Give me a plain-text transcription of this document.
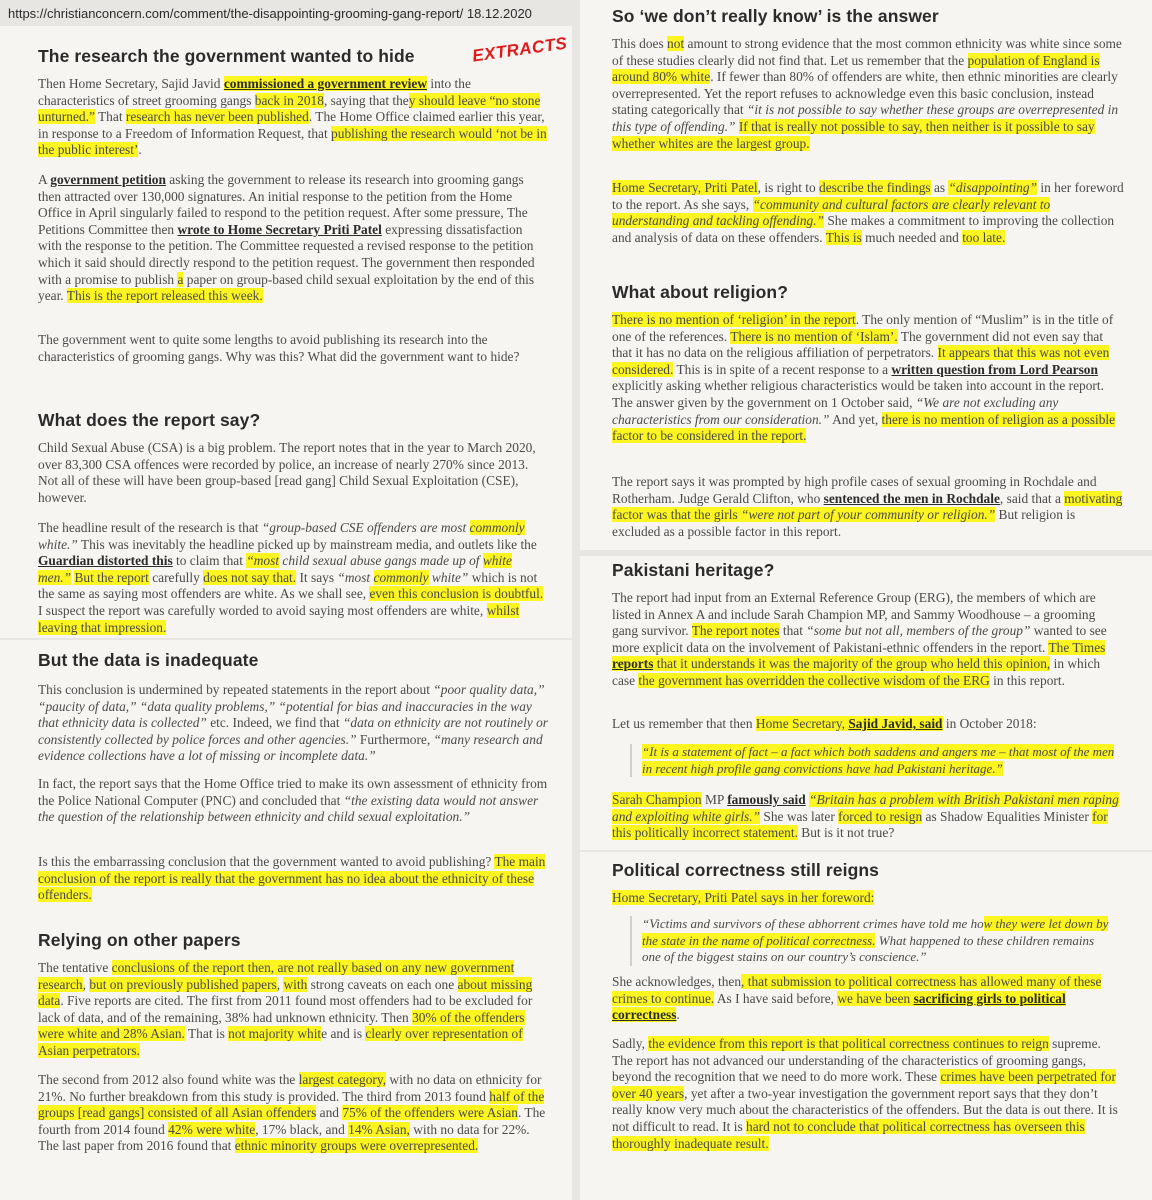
https://christianconcern.com/comment/the-disappointing-grooming-gang-report/ 18.12.2020
The research the government wanted to hide	EXTRACTS
Then Home Secretary, Sajid Javid commissioned a government review into the characteristics of street grooming gangs back in 2018, saying that they should leave “no stone unturned.” That research has never been published. The Home Office claimed earlier this year, in response to a Freedom of Information Request, that publishing the research would ‘not be in the public interest’.
A government petition asking the government to release its research into grooming gangs then attracted over 130,000 signatures. An initial response to the petition from the Home Office in April singularly failed to respond to the petition request. After some pressure, The Petitions Committee then wrote to Home Secretary Priti Patel expressing dissatisfaction with the response to the petition. The Committee requested a revised response to the petition which it said should directly respond to the petition request. The government then responded with a promise to publish a paper on group-based child sexual exploitation by the end of this year. This is the report released this week.
The government went to quite some lengths to avoid publishing its research into the characteristics of grooming gangs. Why was this? What did the government want to hide?
What does the report say?
Child Sexual Abuse (CSA) is a big problem. The report notes that in the year to March 2020, over 83,300 CSA offences were recorded by police, an increase of nearly 270% since 2013. Not all of these will have been group-based [read gang] Child Sexual Exploitation (CSE), however.
The headline result of the research is that “group-based CSE offenders are most commonly white.” This was inevitably the headline picked up by mainstream media, and outlets like the Guardian distorted this to claim that “most child sexual abuse gangs made up of white men.” But the report carefully does not say that. It says “most commonly white” which is not the same as saying most offenders are white. As we shall see, even this conclusion is doubtful. I suspect the report was carefully worded to avoid saying most offenders are white, whilst leaving that impression.
But the data is inadequate
This conclusion is undermined by repeated statements in the report about “poor quality data,” “paucity of data,” “data quality problems,” “potential for bias and inaccuracies in the way that ethnicity data is collected” etc. Indeed, we find that “data on ethnicity are not routinely or consistently collected by police forces and other agencies.” Furthermore, “many research and evidence collections have a lot of missing or incomplete data.”
In fact, the report says that the Home Office tried to make its own assessment of ethnicity from the Police National Computer (PNC) and concluded that “the existing data would not answer the question of the relationship between ethnicity and child sexual exploitation.”
Is this the embarrassing conclusion that the government wanted to avoid publishing? The main conclusion of the report is really that the government has no idea about the ethnicity of these offenders.
Relying on other papers
The tentative conclusions of the report then, are not really based on any new government research, but on previously published papers, with strong caveats on each one about missing data. Five reports are cited. The first from 2011 found most offenders had to be excluded for lack of data, and of the remaining, 38% had unknown ethnicity. Then 30% of the offenders were white and 28% Asian. That is not majority white and is clearly over representation of Asian perpetrators.
The second from 2012 also found white was the largest category, with no data on ethnicity for 21%. No further breakdown from this study is provided. The third from 2013 found half of the groups [read gangs] consisted of all Asian offenders and 75% of the offenders were Asian. The fourth from 2014 found 42% were white, 17% black, and 14% Asian, with no data for 22%. The last paper from 2016 found that ethnic minority groups were overrepresented.
So ‘we don’t really know’ is the answer
This does not amount to strong evidence that the most common ethnicity was white since some of these studies clearly did not find that. Let us remember that the population of England is around 80% white. If fewer than 80% of offenders are white, then ethnic minorities are clearly overrepresented. Yet the report refuses to acknowledge even this basic conclusion, instead stating categorically that “it is not possible to say whether these groups are overrepresented in this type of offending.” If that is really not possible to say, then neither is it possible to say whether whites are the largest group.
Home Secretary, Priti Patel, is right to describe the findings as “disappointing” in her foreword to the report. As she says, “community and cultural factors are clearly relevant to understanding and tackling offending.” She makes a commitment to improving the collection and analysis of data on these offenders. This is much needed and too late.
What about religion?
There is no mention of ‘religion’ in the report. The only mention of “Muslim” is in the title of one of the references. There is no mention of ‘Islam’. The government did not even say that that it has no data on the religious affiliation of perpetrators. It appears that this was not even considered. This is in spite of a recent response to a written question from Lord Pearson explicitly asking whether religious characteristics would be taken into account in the report. The answer given by the government on 1 October said, “We are not excluding any characteristics from our consideration.” And yet, there is no mention of religion as a possible factor to be considered in the report.
The report says it was prompted by high profile cases of sexual grooming in Rochdale and Rotherham. Judge Gerald Clifton, who sentenced the men in Rochdale, said that a motivating factor was that the girls “were not part of your community or religion.” But religion is excluded as a possible factor in this report.
Pakistani heritage?
The report had input from an External Reference Group (ERG), the members of which are listed in Annex A and include Sarah Champion MP, and Sammy Woodhouse – a grooming gang survivor. The report notes that “some but not all, members of the group” wanted to see more explicit data on the involvement of Pakistani-ethnic offenders in the report. The Times reports that it understands it was the majority of the group who held this opinion, in which case the government has overridden the collective wisdom of the ERG in this report.
Let us remember that then Home Secretary, Sajid Javid, said in October 2018:
“It is a statement of fact – a fact which both saddens and angers me – that most of the men in recent high profile gang convictions have had Pakistani heritage.”
Sarah Champion MP famously said “Britain has a problem with British Pakistani men raping and exploiting white girls.” She was later forced to resign as Shadow Equalities Minister for this politically incorrect statement. But is it not true?
Political correctness still reigns
Home Secretary, Priti Patel says in her foreword:
“Victims and survivors of these abhorrent crimes have told me how they were let down by the state in the name of political correctness. What happened to these children remains one of the biggest stains on our country’s conscience.”
She acknowledges, then, that submission to political correctness has allowed many of these crimes to continue. As I have said before, we have been sacrificing girls to political correctness.
Sadly, the evidence from this report is that political correctness continues to reign supreme. The report has not advanced our understanding of the characteristics of grooming gangs, beyond the recognition that we need to do more work. These crimes have been perpetrated for over 40 years, yet after a two-year investigation the government report says that they don’t really know very much about the characteristics of the offenders. But the data is out there. It is not difficult to read. It is hard not to conclude that political correctness has overseen this thoroughly inadequate result.
